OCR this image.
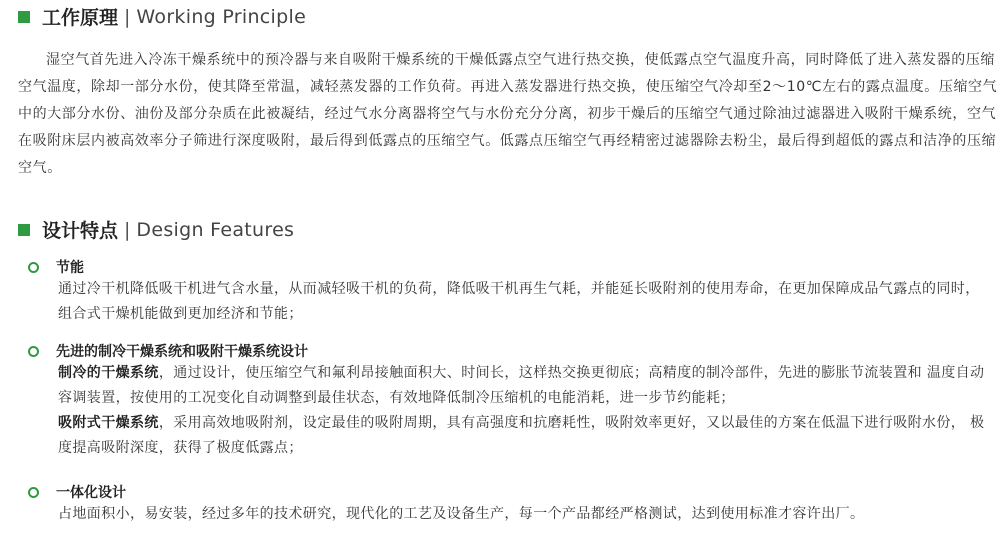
工作原理 | Working Principle

湿空气首先进入冷冻干燥系统中的预冷器与来自吸附干燥系统的干燥低露点空气进行热交换，使低露点空气温度升高，同时降低了进入蒸发器的压缩空气温度，除却一部分水份，使其降至常温，减轻蒸发器的工作负荷。再进入蒸发器进行热交换，使压缩空气冷却至2～10℃左右的露点温度。压缩空气中的大部分水份、油份及部分杂质在此被凝结，经过气水分离器将空气与水份充分分离，初步干燥后的压缩空气通过除油过滤器进入吸附干燥系统，空气在吸附床层内被高效率分子筛进行深度吸附，最后得到低露点的压缩空气。低露点压缩空气再经精密过滤器除去粉尘，最后得到超低的露点和洁净的压缩空气。

设计特点 | Design Features
节能

通过冷干机降低吸干机进气含水量，从而减轻吸干机的负荷，降低吸干机再生气耗，并能延长吸附剂的使用寿命，在更加保障成品气露点的同时，组合式干燥机能做到更加经济和节能；

先进的制冷干燥系统和吸附干燥系统设计

制冷的干燥系统，通过设计，使压缩空气和氟利昂接触面积大、时间长，这样热交换更彻底；高精度的制冷部件，先进的膨胀节流装置和 温度自动容调装置，按使用的工况变化自动调整到最佳状态，有效地降低制冷压缩机的电能消耗，进一步节约能耗；

吸附式干燥系统，采用高效地吸附剂，设定最佳的吸附周期，具有高强度和抗磨耗性，吸附效率更好，又以最佳的方案在低温下进行吸附水份， 极度提高吸附深度，获得了极度低露点；

一体化设计

占地面积小，易安装，经过多年的技术研究，现代化的工艺及设备生产，每一个产品都经严格测试，达到使用标准才容许出厂。
